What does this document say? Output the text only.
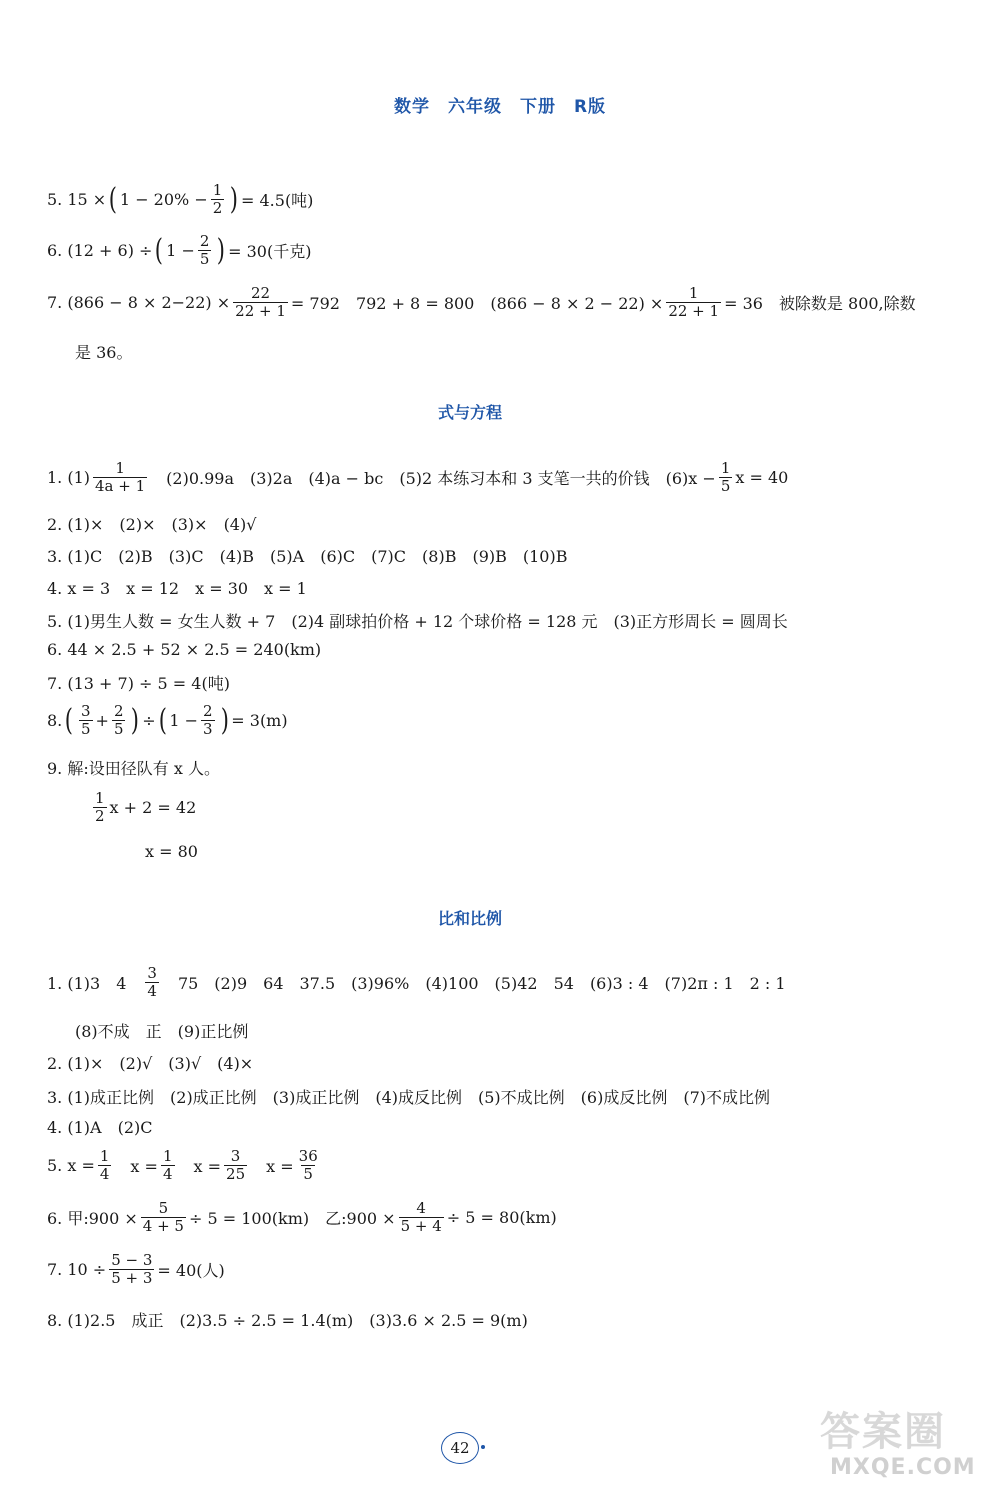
数学　六年级　下册　R版
5. 15 × ( $1 - 20\% - \frac{1}{2}$ ) = 4.5(吨)
6. (12 + 6) ÷ ( $1 - \frac{2}{5}$ ) = 30(千克)
7. $(866 - 8 \times 2-22) \times \frac{22}{22 + 1} = 792$　792 + 8 = 800　$(866 - 8 \times 2 - 22) \times \frac{1}{22 + 1} = 36$　被除数是 800,除数
是 36。
式与方程
1. $(1) \frac{1}{4a + 1}$ 　(2)0.99a　(3)2a　(4)a − bc　(5)2 本练习本和 3 支笔一共的价钱　$(6)x - \frac{1}{5}$ x = 40
2. (1)×　(2)×　(3)×　(4)√
3. (1)C　(2)B　(3)C　(4)B　(5)A　(6)C　(7)C　(8)B　(9)B　(10)B
4. x = 3　x = 12　x = 30　x = 1
5. (1)男生人数 = 女生人数 + 7　(2)4 副球拍价格 + 12 个球价格 = 128 元　(3)正方形周长 = 圆周长
6. 44 × 2.5 + 52 × 2.5 = 240(km)
7. (13 + 7) ÷ 5 = 4(吨)
8. ( $\frac{3}{5} + \frac{2}{5}$ ) ÷ ( $1 - \frac{2}{3}$ ) = 3(m)
9. 解:设田径队有 x 人。
$\frac{1}{2}$ x + 2 = 42
x = 80
比和比例
1. (1)3　4　 $\frac{3}{4}$ 　75　(2)9　64　37.5　(3)96%　(4)100　(5)42　54　(6)3 : 4　(7)2π : 1　2 : 1
(8)不成　正　(9)正比例
2. (1)×　(2)√　(3)√　(4)×
3. (1)成正比例　(2)成正比例　(3)成正比例　(4)成反比例　(5)不成比例　(6)成反比例　(7)不成比例
4. (1)A　(2)C
5. $x = \frac{1}{4}$ 　$x = \frac{1}{4}$ 　$x = \frac{3}{25}$ 　$x = \frac{36}{5}$
6. 甲:900 × $\frac{5}{4 + 5} \div 5 = 100(km)$　乙:900 × $\frac{4}{5 + 4} \div 5 = 80(km)$
7. $10 \div \frac{5 - 3}{5 + 3} = 40$(人)
8. (1)2.5　成正　(2)3.5 ÷ 2.5 = 1.4(m)　(3)3.6 × 2.5 = 9(m)
42	答案圈
MXQE.COM
